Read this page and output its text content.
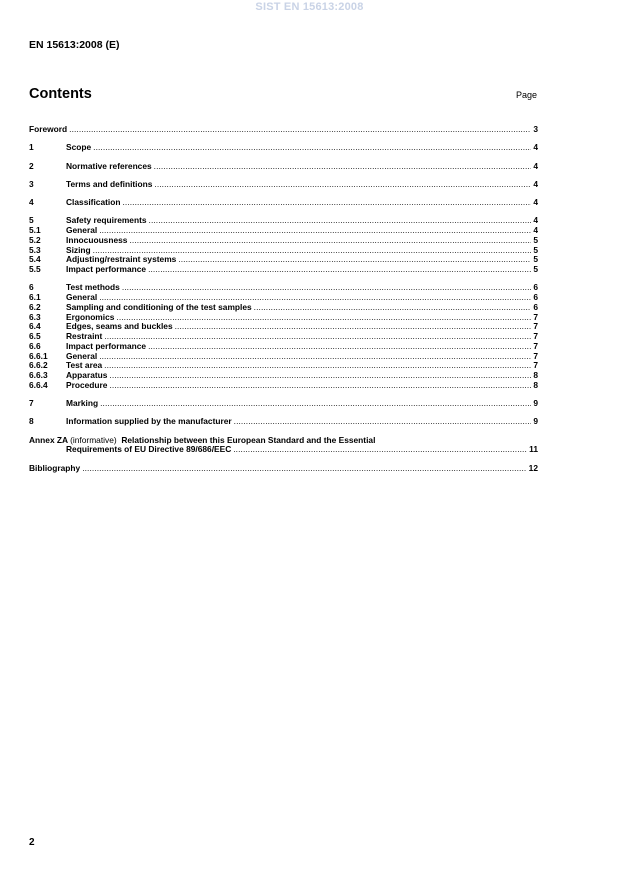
SIST EN 15613:2008
EN 15613:2008 (E)
Contents	Page
Foreword .....	3
1	Scope .....	4
2	Normative references .....	4
3	Terms and definitions .....	4
4	Classification .....	4
5	Safety requirements .....	4
5.1	General .....	4
5.2	Innocuousness .....	5
5.3	Sizing .....	5
5.4	Adjusting/restraint systems .....	5
5.5	Impact performance .....	5
6	Test methods .....	6
6.1	General .....	6
6.2	Sampling and conditioning of the test samples .....	6
6.3	Ergonomics .....	7
6.4	Edges, seams and buckles .....	7
6.5	Restraint .....	7
6.6	Impact performance .....	7
6.6.1	General .....	7
6.6.2	Test area .....	7
6.6.3	Apparatus .....	8
6.6.4	Procedure .....	8
7	Marking .....	9
8	Information supplied by the manufacturer .....	9
Annex ZA (informative) Relationship between this European Standard and the Essential
Requirements of EU Directive 89/686/EEC .....	11
Bibliography .....	12
2
